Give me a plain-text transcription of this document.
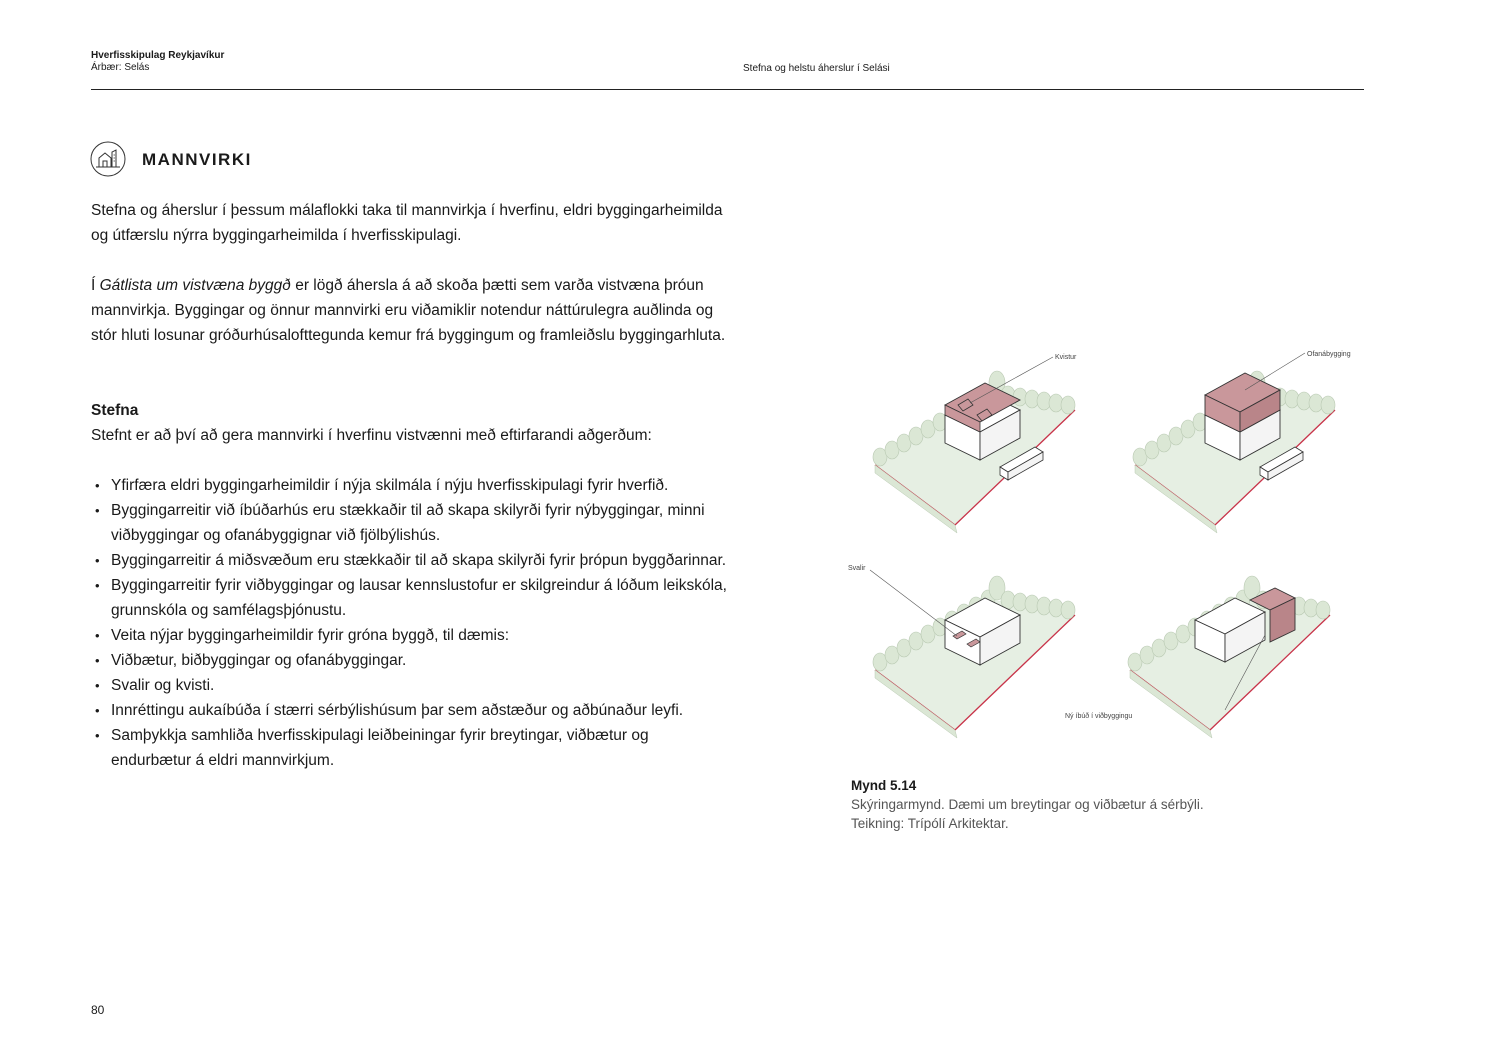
Hverfisskipulag Reykjavíkur
Árbær: Selás	Stefna og helstu áherslur í Selási
MANNVIRKI

Stefna og áherslur í þessum málaflokki taka til mannvirkja í hverfinu, eldri byggingarheimilda og útfærslu nýrra byggingarheimilda í hverfisskipulagi.

Í Gátlista um vistvæna byggð er lögð áhersla á að skoða þætti sem varða vistvæna þróun mannvirkja. Byggingar og önnur mannvirki eru viðamiklir notendur náttúrulegra auðlinda og stór hluti losunar gróðurhúsalofttegunda kemur frá byggingum og framleiðslu byggingarhluta.

Stefna

Stefnt er að því að gera mannvirki í hverfinu vistvænni með eftirfarandi aðgerðum:

• Yfirfæra eldri byggingarheimildir í nýja skilmála í nýju hverfisskipulagi fyrir hverfið.
• Byggingarreitir við íbúðarhús eru stækkaðir til að skapa skilyrði fyrir nýbyggingar, minni viðbyggingar og ofanábyggignar við fjölbýlishús.
• Byggingarreitir á miðsvæðum eru stækkaðir til að skapa skilyrði fyrir þrópun byggðarinnar.
• Byggingarreitir fyrir viðbyggingar og lausar kennslustofur er skilgreindur á lóðum leikskóla, grunnskóla og samfélagsþjónustu.
• Veita nýjar byggingarheimildir fyrir gróna byggð, til dæmis:
• Viðbætur, biðbyggingar og ofanábyggingar.
• Svalir og kvisti.
• Innréttingu aukaíbúða í stærri sérbýlishúsum þar sem aðstæður og aðbúnaður leyfi.
• Samþykkja samhliða hverfisskipulagi leiðbeiningar fyrir breytingar, viðbætur og endurbætur á eldri mannvirkjum.
Kvistur	Ofanábygging
Svalir
Ný íbúð í viðbyggingu
Mynd 5.14
Skýringarmynd. Dæmi um breytingar og viðbætur á sérbýli.
Teikning: Trípólí Arkitektar.
80
